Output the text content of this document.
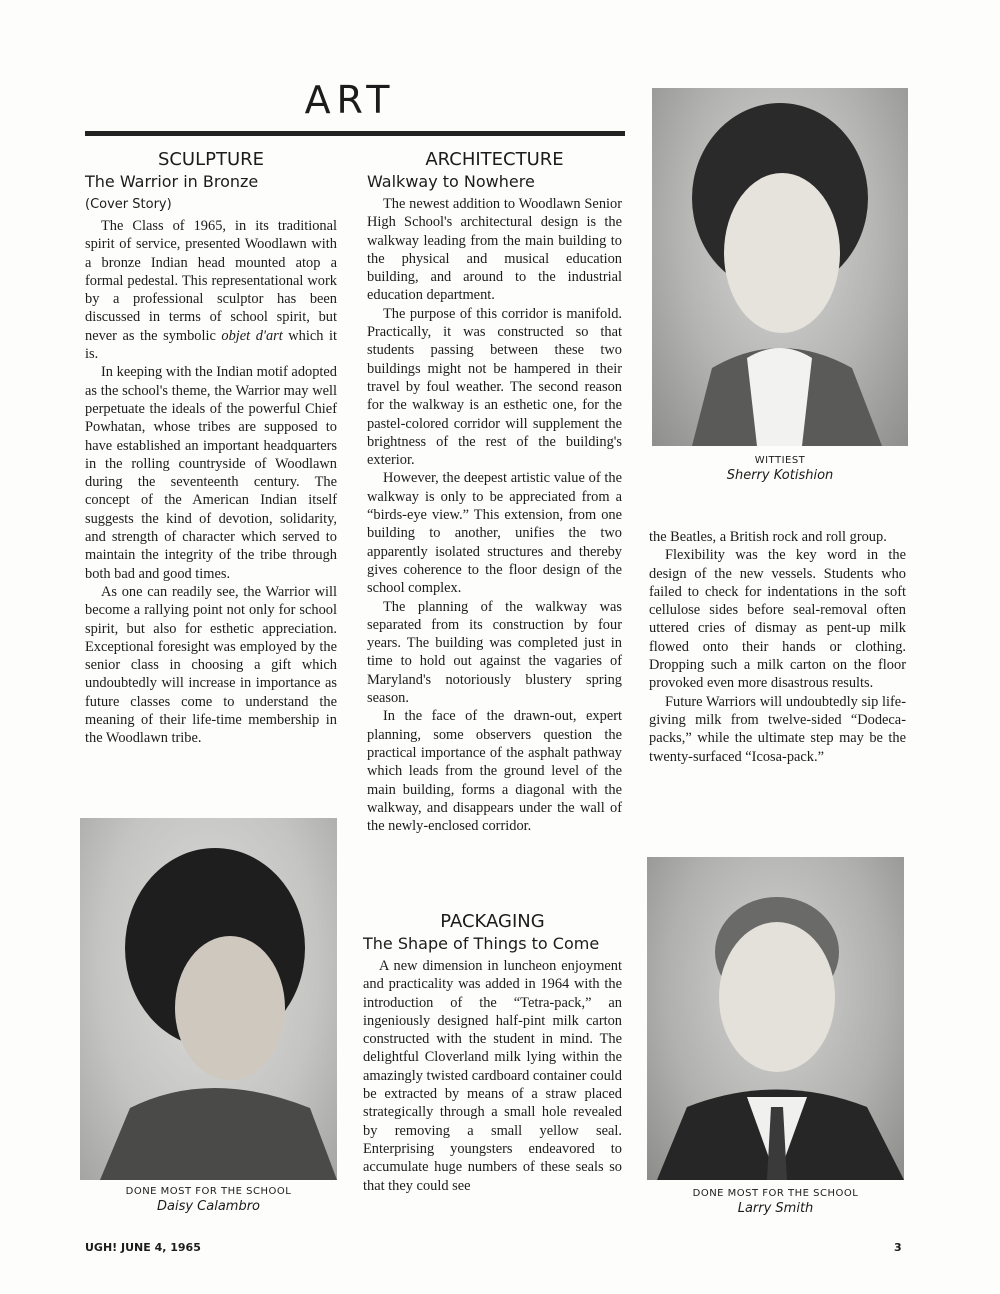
ART
SCULPTURE
The Warrior in Bronze
(Cover Story)

The Class of 1965, in its traditional spirit of service, presented Woodlawn with a bronze Indian head mounted atop a formal pedestal. This representational work by a professional sculptor has been discussed in terms of school spirit, but never as the symbolic objet d'art which it is.

In keeping with the Indian motif adopted as the school's theme, the Warrior may well perpetuate the ideals of the powerful Chief Powhatan, whose tribes are supposed to have established an important headquarters in the rolling countryside of Woodlawn during the seventeenth century. The concept of the American Indian itself suggests the kind of devotion, solidarity, and strength of character which served to maintain the integrity of the tribe through both bad and good times.

As one can readily see, the Warrior will become a rallying point not only for school spirit, but also for esthetic appreciation. Exceptional foresight was employed by the senior class in choosing a gift which undoubtedly will increase in importance as future classes come to understand the meaning of their life-time membership in the Woodlawn tribe.

ARCHITECTURE
Walkway to Nowhere

The newest addition to Woodlawn Senior High School's architectural design is the walkway leading from the main building to the physical and musical education building, and around to the industrial education department.

The purpose of this corridor is manifold. Practically, it was constructed so that students passing between these two buildings might not be hampered in their travel by foul weather. The second reason for the walkway is an esthetic one, for the pastel-colored corridor will supplement the brightness of the rest of the building's exterior.

However, the deepest artistic value of the walkway is only to be appreciated from a “birds-eye view.” This extension, from one building to another, unifies the two apparently isolated structures and thereby gives coherence to the floor design of the school complex.

The planning of the walkway was separated from its construction by four years. The building was completed just in time to hold out against the vagaries of Maryland's notoriously blustery spring season.

In the face of the drawn-out, expert planning, some observers question the practical importance of the asphalt pathway which leads from the ground level of the main building, forms a diagonal with the walkway, and disappears under the wall of the newly-enclosed corridor.

PACKAGING
The Shape of Things to Come

A new dimension in luncheon enjoyment and practicality was added in 1964 with the introduction of the “Tetra-pack,” an ingeniously designed half-pint milk carton constructed with the student in mind. The delightful Cloverland milk lying within the amazingly twisted cardboard container could be extracted by means of a straw placed strategically through a small hole revealed by removing a small yellow seal. Enterprising youngsters endeavored to accumulate huge numbers of these seals so that they could see

the Beatles, a British rock and roll group.

Flexibility was the key word in the design of the new vessels. Students who failed to check for indentations in the soft cellulose sides before seal-removal often uttered cries of dismay as pent-up milk flowed onto their hands or clothing. Dropping such a milk carton on the floor provoked even more disastrous results.

Future Warriors will undoubtedly sip life-giving milk from twelve-sided “Dodeca-packs,” while the ultimate step may be the twenty-surfaced “Icosa-pack.”

WITTIEST
Sherry Kotishion
DONE MOST FOR THE SCHOOL
Daisy Calambro
DONE MOST FOR THE SCHOOL
Larry Smith
UGH! JUNE 4, 1965	3
